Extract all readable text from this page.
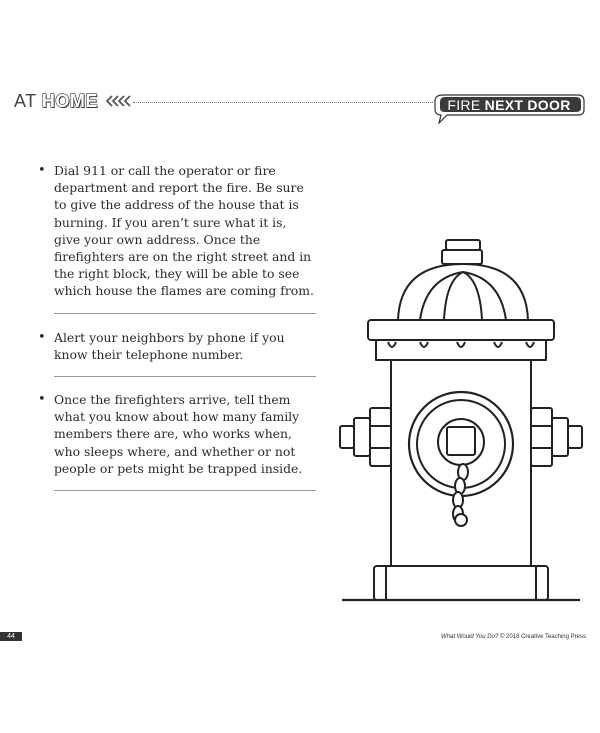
AT HOME	FIRE NEXT DOOR
• Dial 911 or call the operator or fire department and report the fire. Be sure to give the address of the house that is burning. If you aren’t sure what it is, give your own address. Once the firefighters are on the right street and in the right block, they will be able to see which house the flames are coming from.
• Alert your neighbors by phone if you know their telephone number.
• Once the firefighters arrive, tell them what you know about how many family members there are, who works when, who sleeps where, and whether or not people or pets might be trapped inside.
44	What Would You Do? © 2018 Creative Teaching Press
